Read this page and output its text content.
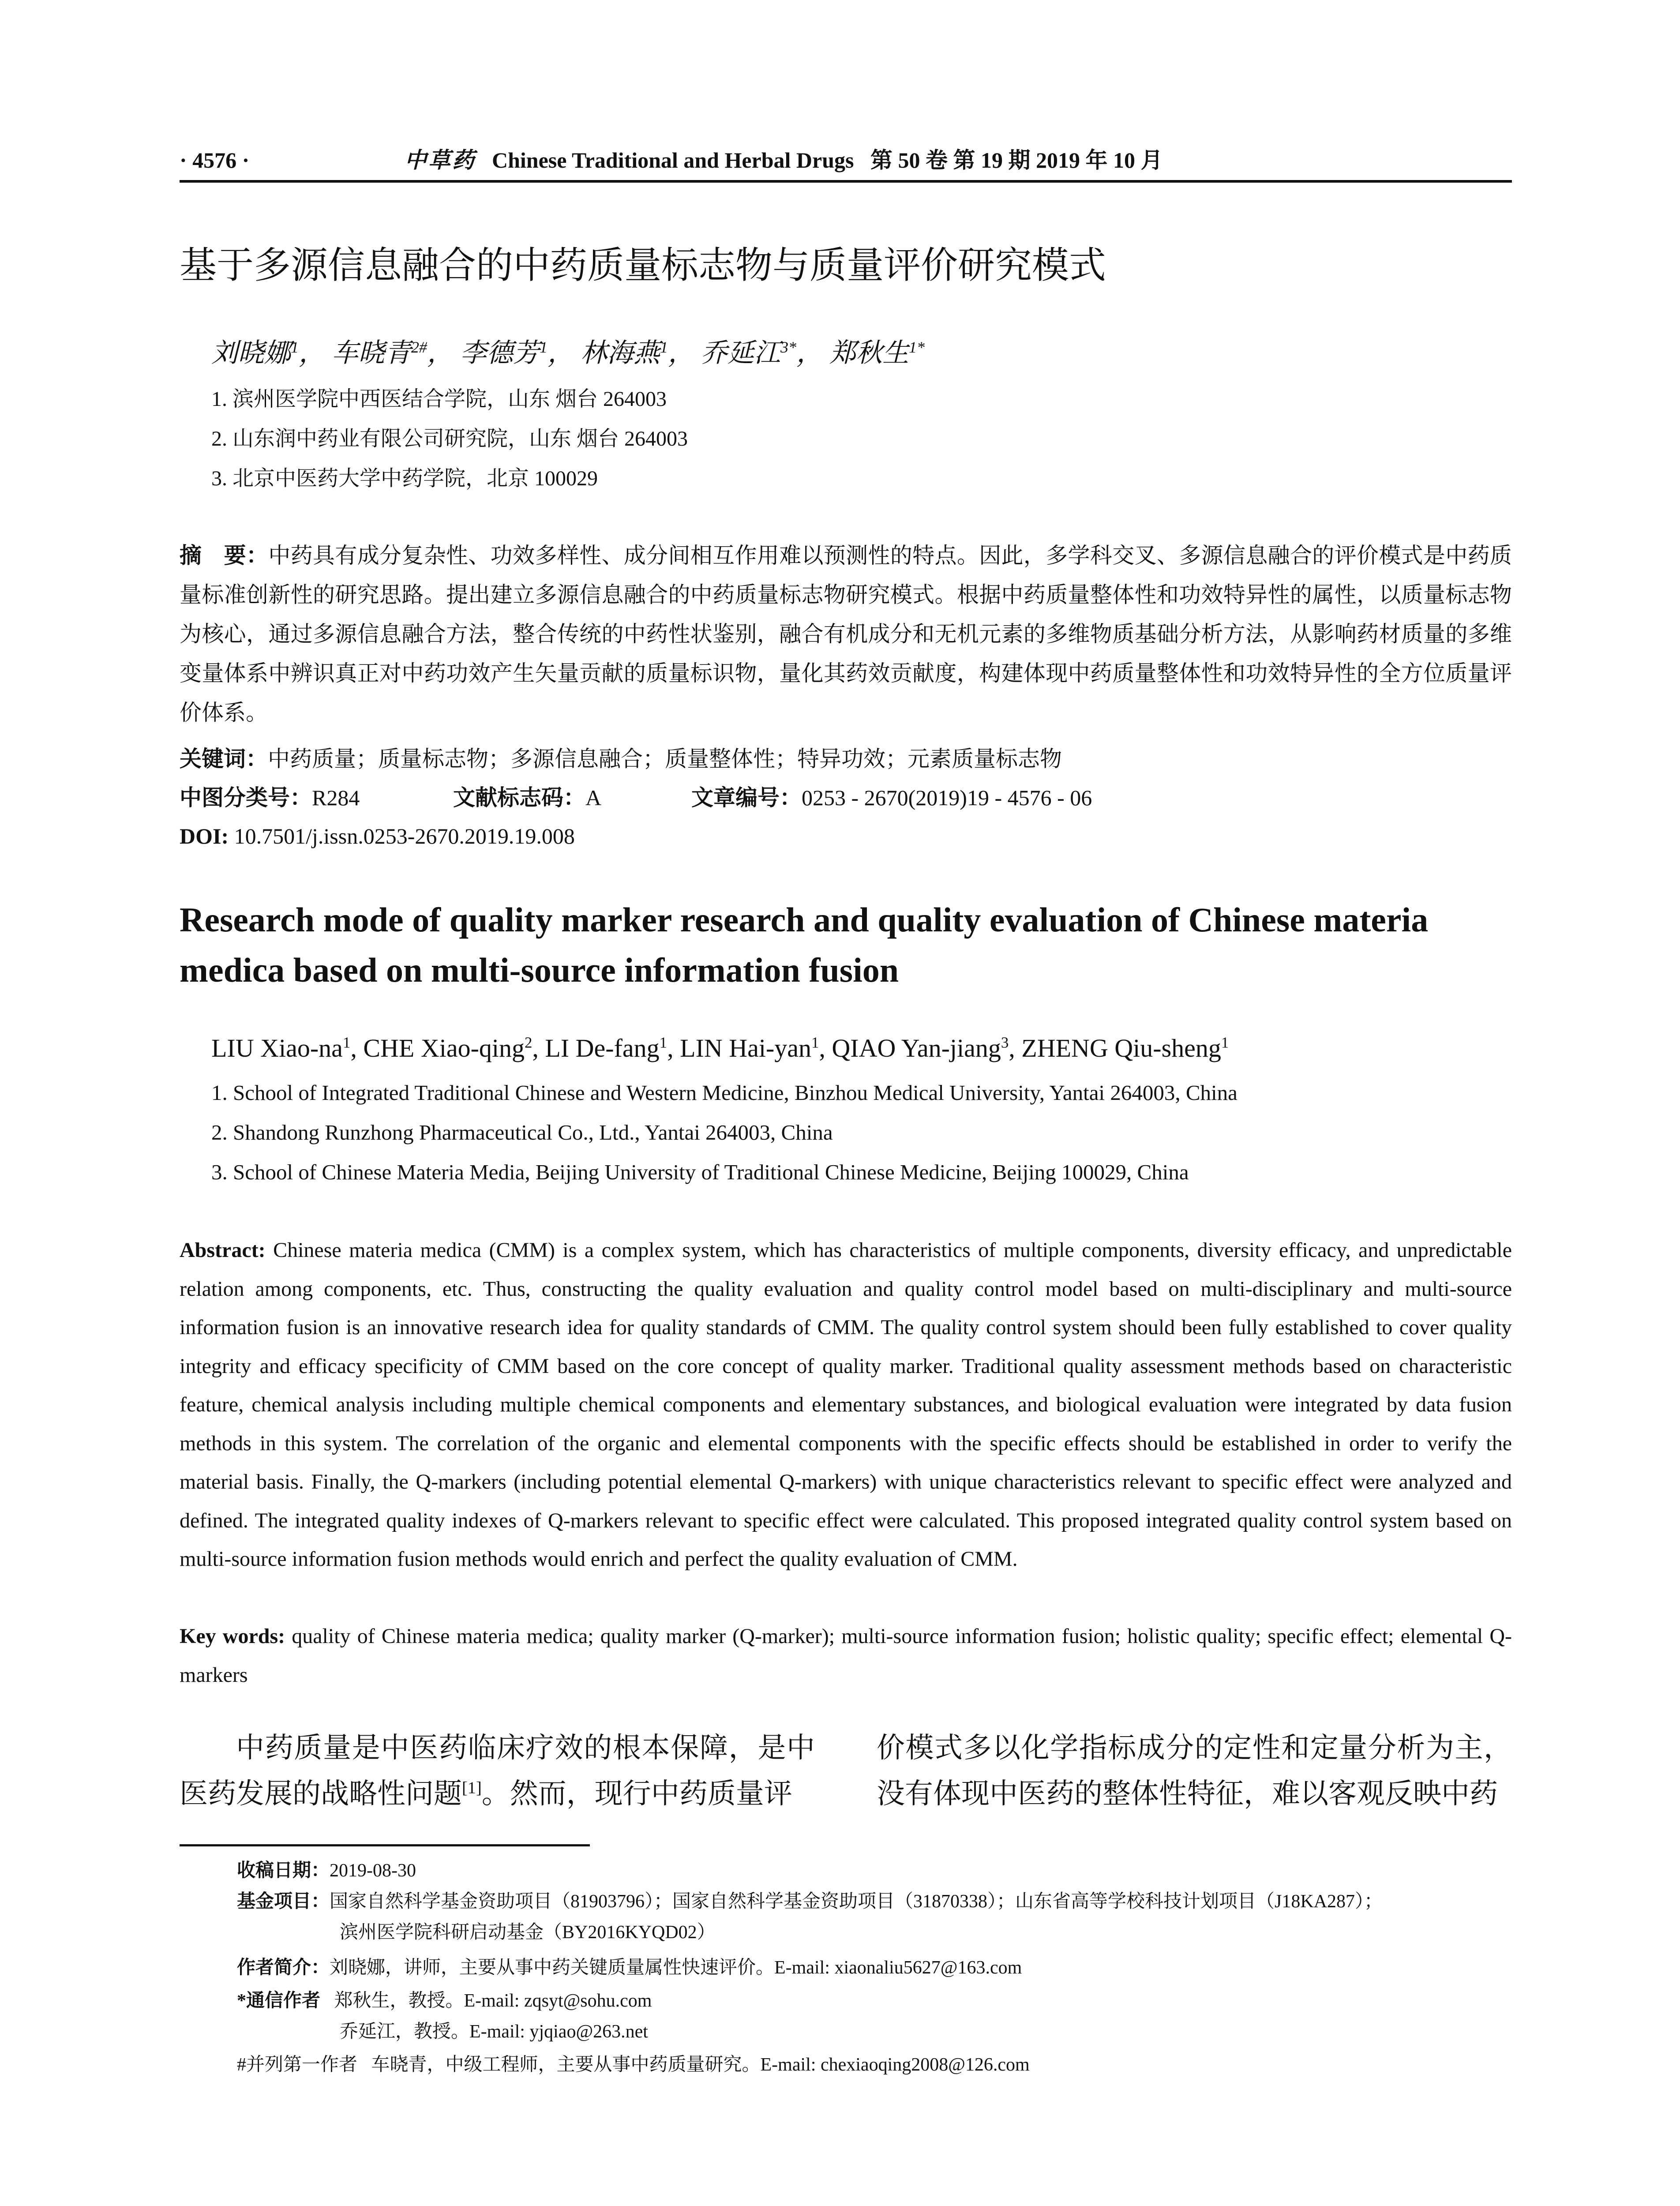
· 4576 ·	中草药 Chinese Traditional and Herbal Drugs 第 50 卷 第 19 期 2019 年 10 月
基于多源信息融合的中药质量标志物与质量评价研究模式
刘晓娜$^1$， 车晓青$^{2\#}$， 李德芳$^1$， 林海燕$^1$， 乔延江$^{3*}$， 郑秋生$^{1*}$
1. 滨州医学院中西医结合学院，山东 烟台 264003
2. 山东润中药业有限公司研究院，山东 烟台 264003
3. 北京中医药大学中药学院，北京 100029
摘　要：中药具有成分复杂性、功效多样性、成分间相互作用难以预测性的特点。因此，多学科交叉、多源信息融合的评价模式是中药质量标准创新性的研究思路。提出建立多源信息融合的中药质量标志物研究模式。根据中药质量整体性和功效特异性的属性，以质量标志物为核心，通过多源信息融合方法，整合传统的中药性状鉴别，融合有机成分和无机元素的多维物质基础分析方法，从影响药材质量的多维变量体系中辨识真正对中药功效产生矢量贡献的质量标识物，量化其药效贡献度，构建体现中药质量整体性和功效特异性的全方位质量评价体系。
关键词：中药质量；质量标志物；多源信息融合；质量整体性；特异功效；元素质量标志物
中图分类号：R284	文献标志码：A	文章编号：0253 - 2670(2019)19 - 4576 - 06
DOI: 10.7501/j.issn.0253-2670.2019.19.008
Research mode of quality marker research and quality evaluation of Chinese materia medica based on multi-source information fusion
LIU Xiao-$na^1$, CHE Xiao-qing$^2$, LI De-fang$^1$, LIN Hai-yan$^1$, QIAO Yan-jiang$^3$, ZHENG Qiu-sheng$^1$
1. School of Integrated Traditional Chinese and Western Medicine, Binzhou Medical University, Yantai 264003, China
2. Shandong Runzhong Pharmaceutical Co., Ltd., Yantai 264003, China
3. School of Chinese Materia Media, Beijing University of Traditional Chinese Medicine, Beijing 100029, China
Abstract: Chinese materia medica (CMM) is a complex system, which has characteristics of multiple components, diversity efficacy, and unpredictable relation among components, etc. Thus, constructing the quality evaluation and quality control model based on multi-disciplinary and multi-source information fusion is an innovative research idea for quality standards of CMM. The quality control system should been fully established to cover quality integrity and efficacy specificity of CMM based on the core concept of quality marker. Traditional quality assessment methods based on characteristic feature, chemical analysis including multiple chemical components and elementary substances, and biological evaluation were integrated by data fusion methods in this system. The correlation of the organic and elemental components with the specific effects should be established in order to verify the material basis. Finally, the Q-markers (including potential elemental Q-markers) with unique characteristics relevant to specific effect were analyzed and defined. The integrated quality indexes of Q-markers relevant to specific effect were calculated. This proposed integrated quality control system based on multi-source information fusion methods would enrich and perfect the quality evaluation of CMM.
Key words: quality of Chinese materia medica; quality marker (Q-marker); multi-source information fusion; holistic quality; specific effect; elemental Q-markers
中药质量是中医药临床疗效的根本保障，是中医药发展的战略性问题[1]。然而，现行中药质量评
价模式多以化学指标成分的定性和定量分析为主，没有体现中医药的整体性特征，难以客观反映中药
收稿日期：2019-08-30
基金项目：国家自然科学基金资助项目（81903796）；国家自然科学基金资助项目（31870338）；山东省高等学校科技计划项目（J18KA287）；
滨州医学院科研启动基金（BY2016KYQD02）
作者简介：刘晓娜，讲师，主要从事中药关键质量属性快速评价。E-mail: xiaonaliu5627@163.com
*通信作者 郑秋生，教授。E-mail: zqsyt@sohu.com
乔延江，教授。E-mail: yjqiao@263.net
#并列第一作者 车晓青，中级工程师，主要从事中药质量研究。E-mail: chexiaoqing2008@126.com
